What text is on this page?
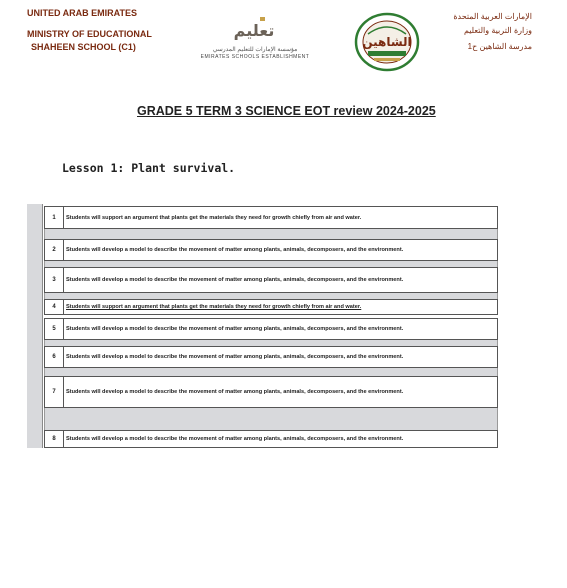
UNITED ARAB EMIRATES
MINISTRY OF EDUCATIONAL
SHAHEEN SCHOOL (C1)
تعليم
مؤسسة الإمارات للتعليم المدرسي
EMIRATES SCHOOLS ESTABLISHMENT
الشاهين
الإمارات العربية المتحدة
وزارة التربية والتعليم
مدرسة الشاهين ح1
GRADE 5 TERM 3 SCIENCE EOT review 2024-2025
Lesson 1: Plant survival.
1	Students will support an argument that plants get the materials they need for growth chiefly from air and water.
2	Students will develop a model to describe the movement of matter among plants, animals, decomposers, and the environment.
3	Students will develop a model to describe the movement of matter among plants, animals, decomposers, and the environment.
4	Students will support an argument that plants get the materials they need for growth chiefly from air and water.
5	Students will develop a model to describe the movement of matter among plants, animals, decomposers, and the environment.
6	Students will develop a model to describe the movement of matter among plants, animals, decomposers, and the environment.
7	Students will develop a model to describe the movement of matter among plants, animals, decomposers, and the environment.
8	Students will develop a model to describe the movement of matter among plants, animals, decomposers, and the environment.
